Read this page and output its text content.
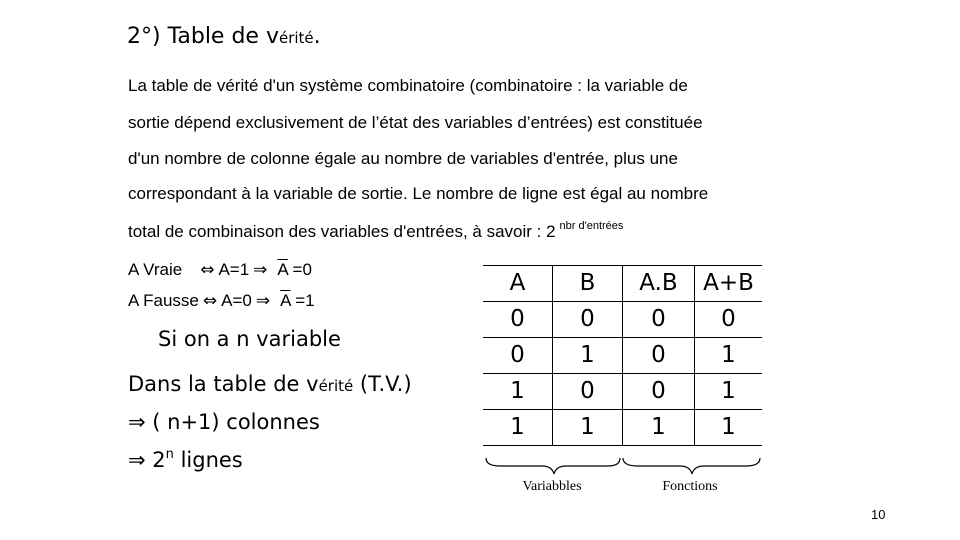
2°) Table de vérité.
La table de vérité d'un système combinatoire (combinatoire : la variable de
sortie dépend exclusivement de l’état des variables d’entrées) est constituée
d'un nombre de colonne égale au nombre de variables d'entrée, plus une
correspondant à la variable de sortie. Le nombre de ligne est égal au nombre
total de combinaison des variables d'entrées, à savoir : 2 $^{nbr d'entrées}$
A Vraie ⇔ A=1 ⇒ $\overline{A} =0$
A Fausse ⇔ A=0 ⇒ $\overline{A} =1$
Si on a n variable
Dans la table de vérité (T.V.)
⇒ ( n+1) colonnes
⇒ 2$^n$ lignes
A	B	A.B	A+B
0	0	0	0
0	1	0	1
1	0	0	1
1	1	1	1
Variabbles	Fonctions
10
